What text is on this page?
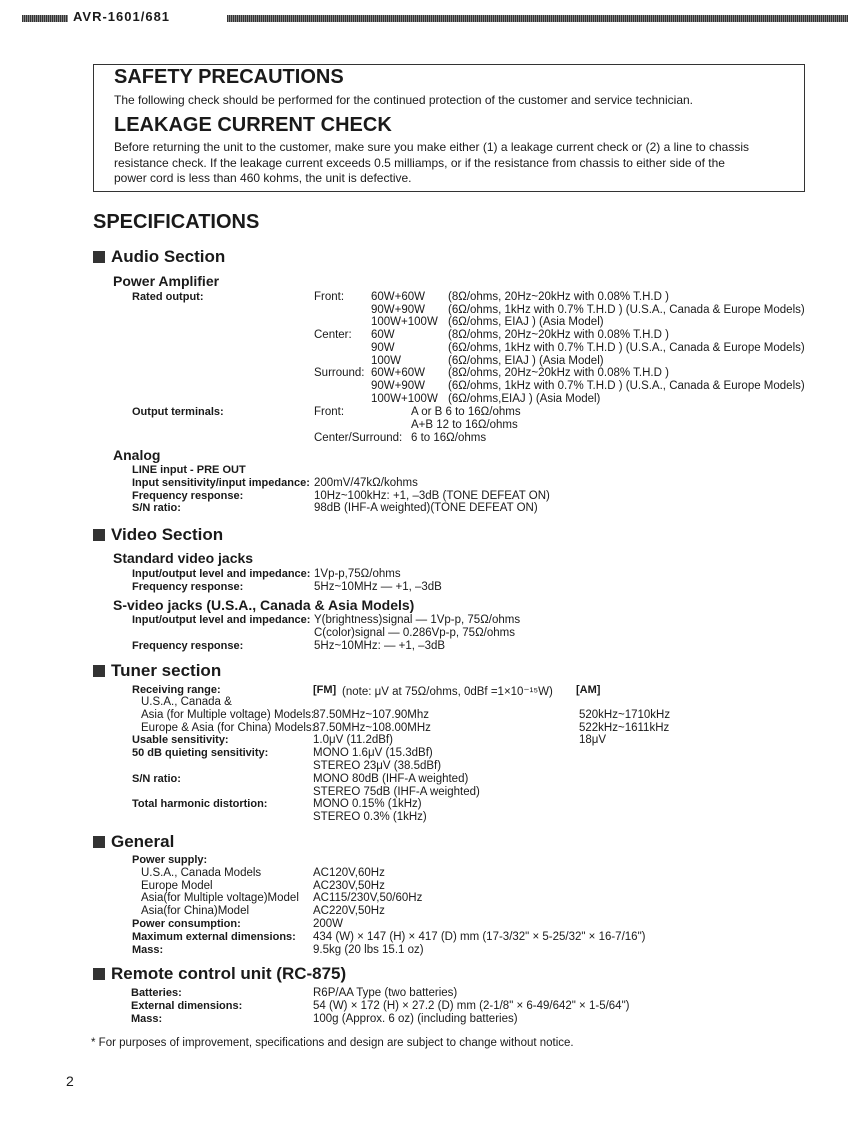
AVR-1601/681
SAFETY PRECAUTIONS
The following check should be performed for the continued protection of the customer and service technician.
LEAKAGE CURRENT CHECK
Before returning the unit to the customer, make sure you make either (1) a leakage current check or (2) a line to chassis
resistance check. If the leakage current exceeds 0.5 milliamps, or if the resistance from chassis to either side of the
power cord is less than 460 kohms, the unit is defective.
SPECIFICATIONS
Audio Section
Power Amplifier
Rated output:	Front: 60W+60W (8Ω/ohms, 20Hz~20kHz with 0.08% T.H.D )
90W+90W (6Ω/ohms, 1kHz with 0.7% T.H.D ) (U.S.A., Canada & Europe Models)
100W+100W (6Ω/ohms, EIAJ ) (Asia Model)
Center: 60W	(8Ω/ohms, 20Hz~20kHz with 0.08% T.H.D )
90W	(6Ω/ohms, 1kHz with 0.7% T.H.D ) (U.S.A., Canada & Europe Models)
100W	(6Ω/ohms, EIAJ ) (Asia Model)
Surround: 60W+60W (8Ω/ohms, 20Hz~20kHz with 0.08% T.H.D )
90W+90W (6Ω/ohms, 1kHz with 0.7% T.H.D ) (U.S.A., Canada & Europe Models)
100W+100W (6Ω/ohms,EIAJ ) (Asia Model)
Output terminals:	Front:	A or B 6 to 16Ω/ohms
A+B 12 to 16Ω/ohms
Center/Surround: 6 to 16Ω/ohms
Analog
LINE input - PRE OUT
Input sensitivity/input impedance: 200mV/47kΩ/kohms
Frequency response:	10Hz~100kHz: +1, –3dB (TONE DEFEAT ON)
S/N ratio:	98dB (IHF-A weighted)(TONE DEFEAT ON)
Video Section
Standard video jacks
Input/output level and impedance: 1Vp-p,75Ω/ohms
Frequency response:	5Hz~10MHz — +1, –3dB
S-video jacks (U.S.A., Canada & Asia Models)
Input/output level and impedance: Y(brightness)signal — 1Vp-p, 75Ω/ohms
C(color)signal — 0.286Vp-p, 75Ω/ohms
Frequency response:	5Hz~10MHz: — +1, –3dB
Tuner section
Receiving range:	[FM] (note: μV at 75Ω/ohms, 0dBf =1×10⁻¹⁵W) [AM]
U.S.A., Canada &
Asia (for Multiple voltage) Models:
87.50MHz~107.90Mhz	520kHz~1710kHz
Europe & Asia (for China) Models:
87.50MHz~108.00MHz	522kHz~1611kHz
Usable sensitivity:	1.0μV (11.2dBf)	18μV
50 dB quieting sensitivity:	MONO 1.6μV (15.3dBf)
STEREO 23μV (38.5dBf)
S/N ratio:	MONO 80dB (IHF-A weighted)
STEREO 75dB (IHF-A weighted)
Total harmonic distortion:	MONO 0.15% (1kHz)
STEREO 0.3% (1kHz)
General
Power supply:
U.S.A., Canada Models	AC120V,60Hz
Europe Model	AC230V,50Hz
Asia(for Multiple voltage)Model AC115/230V,50/60Hz
Asia(for China)Model	AC220V,50Hz
Power consumption:	200W
Maximum external dimensions: 434 (W) × 147 (H) × 417 (D) mm (17-3/32" × 5-25/32" × 16-7/16")
Mass:	9.5kg (20 lbs 15.1 oz)
Remote control unit (RC-875)
Batteries:	R6P/AA Type (two batteries)
External dimensions:	54 (W) × 172 (H) × 27.2 (D) mm (2-1/8" × 6-49/642" × 1-5/64")
Mass:	100g (Approx. 6 oz) (including batteries)
* For purposes of improvement, specifications and design are subject to change without notice.
2
